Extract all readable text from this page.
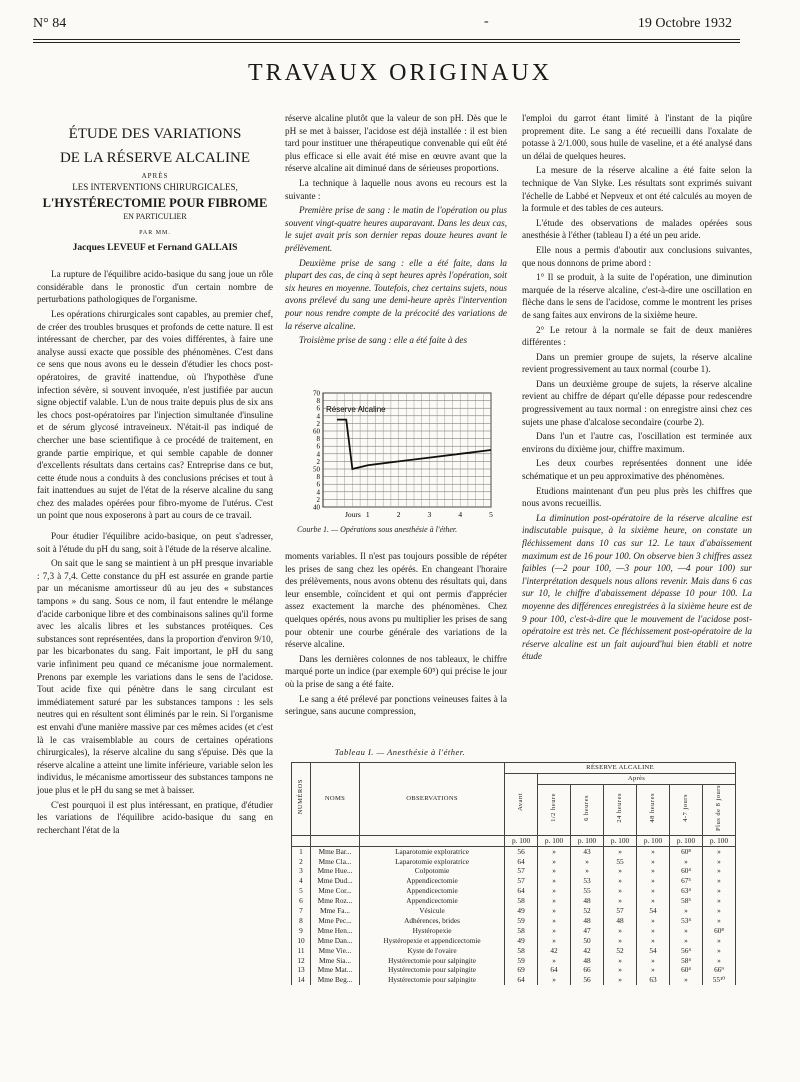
N° 84	-	19 Octobre 1932
TRAVAUX ORIGINAUX
ÉTUDE DES VARIATIONS
DE LA RÉSERVE ALCALINE
APRÈS
LES INTERVENTIONS CHIRURGICALES,
L'HYSTÉRECTOMIE POUR FIBROME
EN PARTICULIER
PAR MM.
Jacques LEVEUF et Fernand GALLAIS

La rupture de l'équilibre acido-basique du sang joue un rôle considérable dans le pronostic d'un certain nombre de perturbations pathologiques de l'organisme.

Les opérations chirurgicales sont capables, au premier chef, de créer des troubles brusques et profonds de cette nature. Il est intéressant de chercher, par des voies différentes, à faire une analyse aussi exacte que possible des phénomènes. C'est dans ce sens que nous avons eu le dessein d'étudier les chocs post-opératoires, de gravité inattendue, où l'hypothèse d'une infection sévère, si souvent invoquée, n'est justifiée par aucun signe objectif valable. L'un de nous traite depuis plus de six ans les chocs post-opératoires par l'injection simultanée d'insuline et de sérum glycosé intraveineux. N'était-il pas indiqué de chercher une base scientifique à ce procédé de traitement, en grande partie empirique, et qui semble capable de donner d'excellents résultats dans certains cas? Entreprise dans ce but, cette étude nous a conduits à des conclusions précises et tout à fait inattendues au sujet de l'état de la réserve alcaline du sang chez des malades opérées pour fibro-myome de l'utérus. C'est un point que nous exposerons à part au cours de ce travail.

Pour étudier l'équilibre acido-basique, on peut s'adresser, soit à l'étude du pH du sang, soit à l'étude de la réserve alcaline.

On sait que le sang se maintient à un pH presque invariable : 7,3 à 7,4. Cette constance du pH est assurée en grande partie par un mécanisme amortisseur dû au jeu des « substances tampons » du sang. Sous ce nom, il faut entendre le mélange d'acide carbonique libre et des combinaisons salines qu'il forme avec les alcalis libres et les substances protéiques. Ces substances sont représentées, dans la proportion d'environ 9/10, par les bicarbonates du sang. Fait important, le pH du sang varie infiniment peu quand ce mécanisme joue normalement. Prenons par exemple les variations dans le sens de l'acidose. Tout acide fixe qui pénètre dans le sang circulant est immédiatement saturé par les substances tampons : les sels neutres qui en résultent sont éliminés par le rein. Si l'organisme est envahi d'une manière massive par ces mêmes acides (et c'est là le cas vraisemblable au cours de certaines opérations chirurgicales), la réserve alcaline du sang s'épuise. Dès que la réserve alcaline a atteint une limite inférieure, variable selon les individus, le mécanisme amortisseur des substances tampons ne joue plus et le pH du sang se met à baisser.

C'est pourquoi il est plus intéressant, en pratique, d'étudier les variations de l'équilibre acido-basique du sang en recherchant l'état de la

réserve alcaline plutôt que la valeur de son pH. Dès que le pH se met à baisser, l'acidose est déjà installée : il est bien tard pour instituer une thérapeutique convenable qui eût été plus efficace si elle avait été mise en œuvre avant que la réserve alcaline ait diminué dans de sérieuses proportions.

La technique à laquelle nous avons eu recours est la suivante :

Première prise de sang : le matin de l'opération ou plus souvent vingt-quatre heures auparavant. Dans les deux cas, le sujet avait pris son dernier repas douze heures avant le prélèvement.

Deuxième prise de sang : elle a été faite, dans la plupart des cas, de cinq à sept heures après l'opération, soit six heures en moyenne. Toutefois, chez certains sujets, nous avons prélevé du sang une demi-heure après l'intervention pour nous rendre compte de la précocité des variations de la réserve alcaline.

Troisième prise de sang : elle a été faite à des

40
2
4
6
8
50
2
4
6
8
60
2
4
6
8
70
Jours 1	2	3	4	5
Réserve Alcaline
Courbe 1. — Opérations sous anesthésie à l'éther.

moments variables. Il n'est pas toujours possible de répéter les prises de sang chez les opérés. En changeant l'horaire des prélèvements, nous avons obtenu des résultats qui, dans leur ensemble, coïncident et qui ont permis d'apprécier assez exactement la marche des phénomènes. Chez quelques opérés, nous avons pu multiplier les prises de sang pour obtenir une courbe générale des variations de la réserve alcaline.

Dans les dernières colonnes de nos tableaux, le chiffre marqué porte un indice (par exemple 60⁵) qui précise le jour où la prise de sang a été faite.

Le sang a été prélevé par ponctions veineuses faites à la seringue, sans aucune compression,

l'emploi du garrot étant limité à l'instant de la piqûre proprement dite. Le sang a été recueilli dans l'oxalate de potasse à 2/1.000, sous huile de vaseline, et a été analysé dans un délai de quelques heures.

La mesure de la réserve alcaline a été faite selon la technique de Van Slyke. Les résultats sont exprimés suivant l'échelle de Labbé et Nepveux et ont été calculés au moyen de la formule et des tables de ces auteurs.

L'étude des observations de malades opérées sous anesthésie à l'éther (tableau I) a été un peu aride.

Elle nous a permis d'aboutir aux conclusions suivantes, que nous donnons de prime abord :

1° Il se produit, à la suite de l'opération, une diminution marquée de la réserve alcaline, c'est-à-dire une oscillation en flèche dans le sens de l'acidose, comme le montrent les prises de sang faites aux environs de la sixième heure.

2° Le retour à la normale se fait de deux manières différentes :

Dans un premier groupe de sujets, la réserve alcaline revient progressivement au taux normal (courbe 1).

Dans un deuxième groupe de sujets, la réserve alcaline revient au chiffre de départ qu'elle dépasse pour redescendre progressivement au taux normal : on enregistre ainsi chez ces sujets une phase d'alcalose secondaire (courbe 2).

Dans l'un et l'autre cas, l'oscillation est terminée aux environs du dixième jour, chiffre maximum.

Les deux courbes représentées donnent une idée schématique et un peu approximative des phénomènes.

Etudions maintenant d'un peu plus près les chiffres que nous avons recueillis.

La diminution post-opératoire de la réserve alcaline est indiscutable puisque, à la sixième heure, on constate un fléchissement dans 10 cas sur 12. Le taux d'abaissement maximum est de 16 pour 100. On observe bien 3 chiffres assez faibles (—2 pour 100, —3 pour 100, —4 pour 100) sur l'interprétation desquels nous allons revenir. Mais dans 6 cas sur 10, le chiffre d'abaissement dépasse 10 pour 100. La moyenne des différences enregistrées à la sixième heure est de 9 pour 100, c'est-à-dire que le mouvement de l'acidose post-opératoire est très net. Ce fléchissement post-opératoire de la réserve alcaline est un fait aujourd'hui bien établi et notre étude

Tableau I. — Anesthésie à l'éther.
NUMÉROS	NOMS	OBSERVATIONS	RÉSERVE ALCALINE						
			Avant	Après					
				1/2 heure	6 heures	24 heures	48 heures	4-7 jours	Plus de 8 jours
			p. 100	p. 100	p. 100	p. 100	p. 100	p. 100	p. 100
1	Mme Bar...	Laparotomie exploratrice	56	»	43	»	»	60⁸	»
2	Mme Cla...	Laparotomie exploratrice	64	»	»	55	»	»	»
3	Mme Hue...	Colpotomie	57	»	»	»	»	60⁴	»
4	Mme Dud...	Appendicectomie	57	»	53	»	»	67⁵	»
5	Mme Cor...	Appendicectomie	64	»	55	»	»	63⁴	»
6	Mme Roz...	Appendicectomie	58	»	48	»	»	58⁵	»
7	Mme Fa...	Vésicule	49	»	52	57	54	»	»
8	Mme Pec...	Adhérences, brides	59	»	48	48	»	53⁴	»
9	Mme Hen...	Hystéropexie	58	»	47	»	»	»	60⁸
10	Mme Dan...	Hystéropexie et appendicectomie	49	»	50	»	»	»	»
11	Mme Vie...	Kyste de l'ovaire	58	42	42	52	54	56⁴	»
12	Mme Sia...	Hystérectomie pour salpingite	59	»	48	»	»	58⁴	»
13	Mme Mat...	Hystérectomie pour salpingite	69	64	66	»	»	60⁴	66⁹
14	Mme Beg...	Hystérectomie pour salpingite	64	»	56	»	63	»	55¹⁰
